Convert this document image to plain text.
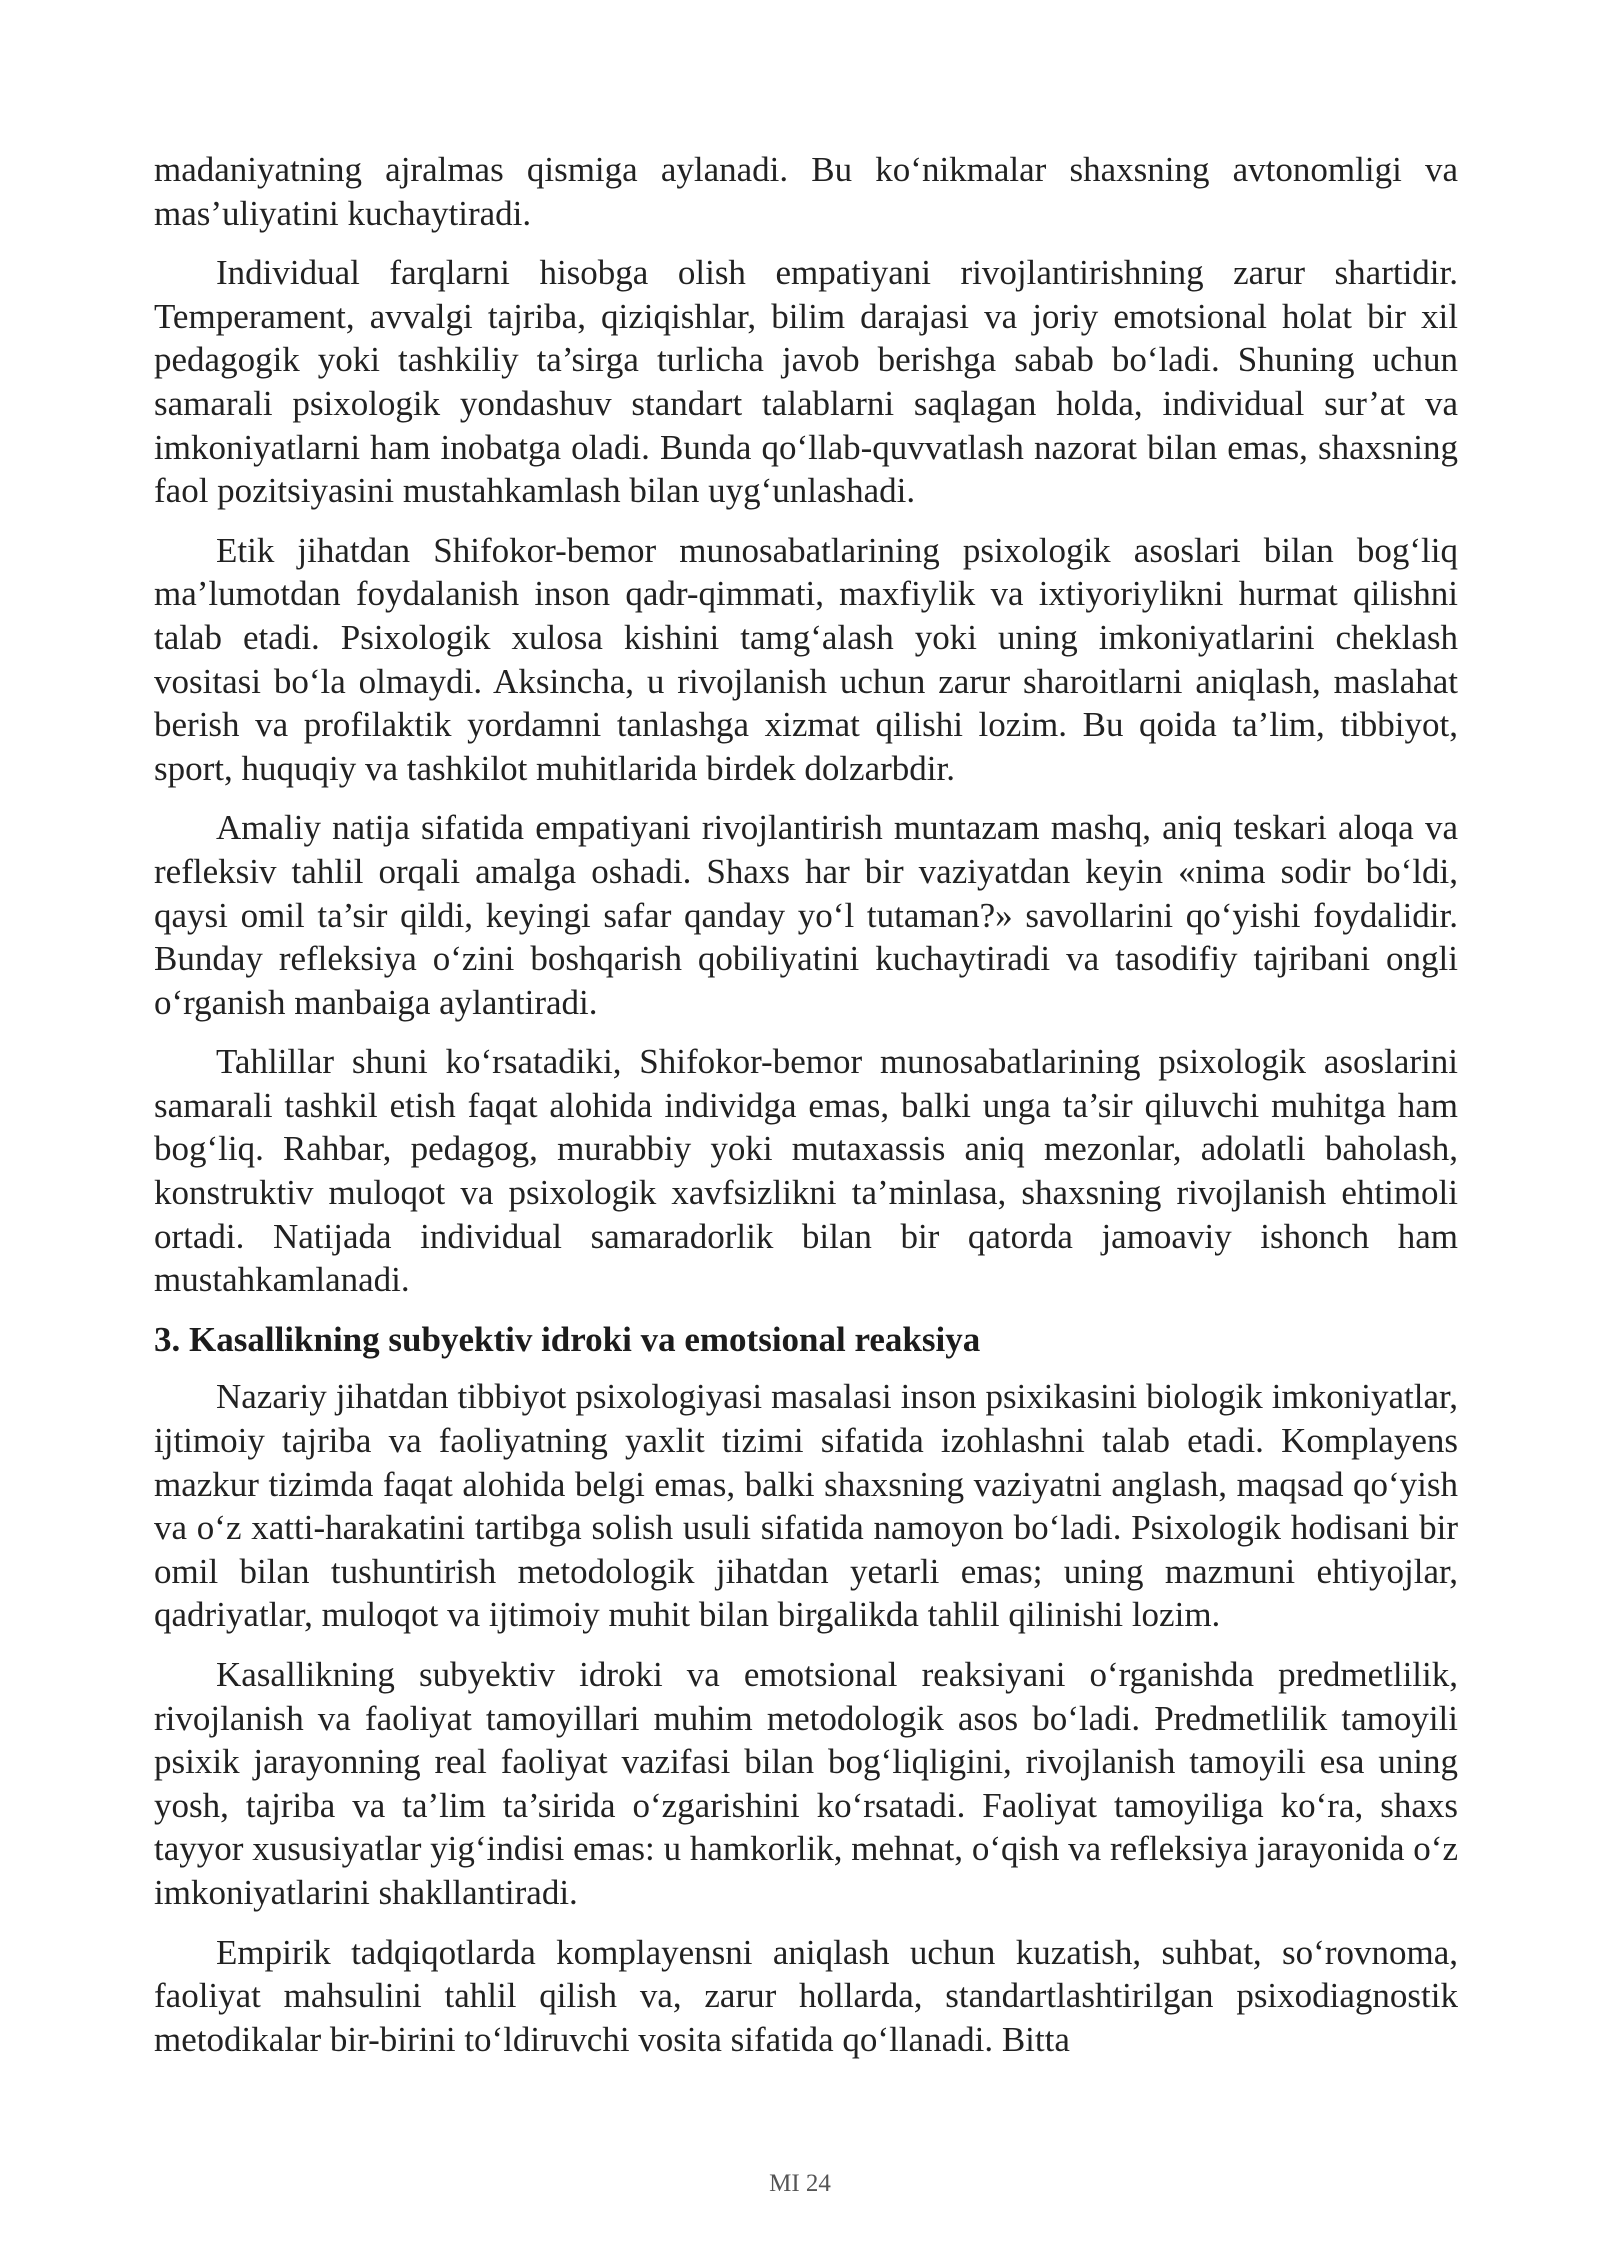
madaniyatning ajralmas qismiga aylanadi. Bu ko‘nikmalar shaxsning avtonomligi va mas’uliyatini kuchaytiradi.

Individual farqlarni hisobga olish empatiyani rivojlantirishning zarur shartidir. Temperament, avvalgi tajriba, qiziqishlar, bilim darajasi va joriy emotsional holat bir xil pedagogik yoki tashkiliy ta’sirga turlicha javob berishga sabab bo‘ladi. Shuning uchun samarali psixologik yondashuv standart talablarni saqlagan holda, individual sur’at va imkoniyatlarni ham inobatga oladi. Bunda qo‘llab-quvvatlash nazorat bilan emas, shaxsning faol pozitsiyasini mustahkamlash bilan uyg‘unlashadi.

Etik jihatdan Shifokor-bemor munosabatlarining psixologik asoslari bilan bog‘liq ma’lumotdan foydalanish inson qadr-qimmati, maxfiylik va ixtiyoriylikni hurmat qilishni talab etadi. Psixologik xulosa kishini tamg‘alash yoki uning imkoniyatlarini cheklash vositasi bo‘la olmaydi. Aksincha, u rivojlanish uchun zarur sharoitlarni aniqlash, maslahat berish va profilaktik yordamni tanlashga xizmat qilishi lozim. Bu qoida ta’lim, tibbiyot, sport, huquqiy va tashkilot muhitlarida birdek dolzarbdir.

Amaliy natija sifatida empatiyani rivojlantirish muntazam mashq, aniq teskari aloqa va refleksiv tahlil orqali amalga oshadi. Shaxs har bir vaziyatdan keyin «nima sodir bo‘ldi, qaysi omil ta’sir qildi, keyingi safar qanday yo‘l tutaman?» savollarini qo‘yishi foydalidir. Bunday refleksiya o‘zini boshqarish qobiliyatini kuchaytiradi va tasodifiy tajribani ongli o‘rganish manbaiga aylantiradi.

Tahlillar shuni ko‘rsatadiki, Shifokor-bemor munosabatlarining psixologik asoslarini samarali tashkil etish faqat alohida individga emas, balki unga ta’sir qiluvchi muhitga ham bog‘liq. Rahbar, pedagog, murabbiy yoki mutaxassis aniq mezonlar, adolatli baholash, konstruktiv muloqot va psixologik xavfsizlikni ta’minlasa, shaxsning rivojlanish ehtimoli ortadi. Natijada individual samaradorlik bilan bir qatorda jamoaviy ishonch ham mustahkamlanadi.

3. Kasallikning subyektiv idroki va emotsional reaksiya

Nazariy jihatdan tibbiyot psixologiyasi masalasi inson psixikasini biologik imkoniyatlar, ijtimoiy tajriba va faoliyatning yaxlit tizimi sifatida izohlashni talab etadi. Komplayens mazkur tizimda faqat alohida belgi emas, balki shaxsning vaziyatni anglash, maqsad qo‘yish va o‘z xatti-harakatini tartibga solish usuli sifatida namoyon bo‘ladi. Psixologik hodisani bir omil bilan tushuntirish metodologik jihatdan yetarli emas; uning mazmuni ehtiyojlar, qadriyatlar, muloqot va ijtimoiy muhit bilan birgalikda tahlil qilinishi lozim.

Kasallikning subyektiv idroki va emotsional reaksiyani o‘rganishda predmetlilik, rivojlanish va faoliyat tamoyillari muhim metodologik asos bo‘ladi. Predmetlilik tamoyili psixik jarayonning real faoliyat vazifasi bilan bog‘liqligini, rivojlanish tamoyili esa uning yosh, tajriba va ta’lim ta’sirida o‘zgarishini ko‘rsatadi. Faoliyat tamoyiliga ko‘ra, shaxs tayyor xususiyatlar yig‘indisi emas: u hamkorlik, mehnat, o‘qish va refleksiya jarayonida o‘z imkoniyatlarini shakllantiradi.

Empirik tadqiqotlarda komplayensni aniqlash uchun kuzatish, suhbat, so‘rovnoma, faoliyat mahsulini tahlil qilish va, zarur hollarda, standartlashtirilgan psixodiagnostik metodikalar bir-birini to‘ldiruvchi vosita sifatida qo‘llanadi. Bitta

MI 24
